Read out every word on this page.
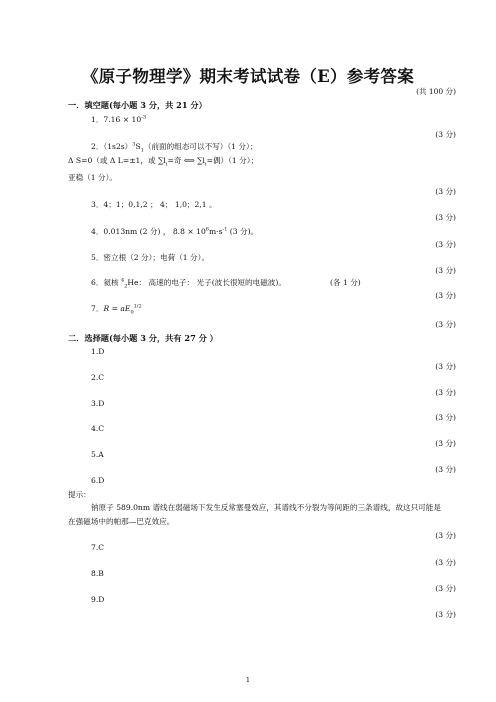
《原子物理学》期末考试试卷（E）参考答案
(共 100 分)
一．填空题(每小题 3 分，共 21 分）
1．$7.16 \times 10^{-3}$
(3 分)
2．$(1s2s)^3S_1$（前面的组态可以不写）（1 分）；
Δ S=0（或 Δ L=±1，或 $\sum l_i=$奇 ⟺ $\sum l_i=$偶）（1 分）；
亚稳（1 分）。
(3 分)
3．4；1；0,1,2 ； 4； 1,0；2,1 。
(3 分)
4．0.013nm (2 分) ， $8.8 \times 10^6m\cdot s^{-1}$ (3 分)。
(3 分)
5．密立根（2 分）；电荷（1 分）。
(3 分)
6．氦核 $^4_2$He： 高速的电子： 光子(波长很短的电磁波)。	(各 1 分)
(3 分)
7．$R = aE_0^{1/2}$
(3 分)
二．选择题(每小题 3 分，共有 27 分 ）
1.D
(3 分)
2.C
(3 分)
3.D
(3 分)
4.C
(3 分)
5.A
(3 分)
6.D
提示：
钠原子 589.0nm 谱线在弱磁场下发生反常塞曼效应，其谱线不分裂为等间距的三条谱线，故这只可能是在强磁场中的帕那—巴克效应。
(3 分)
7.C
(3 分)
8.B
(3 分)
9.D
(3 分)
1
